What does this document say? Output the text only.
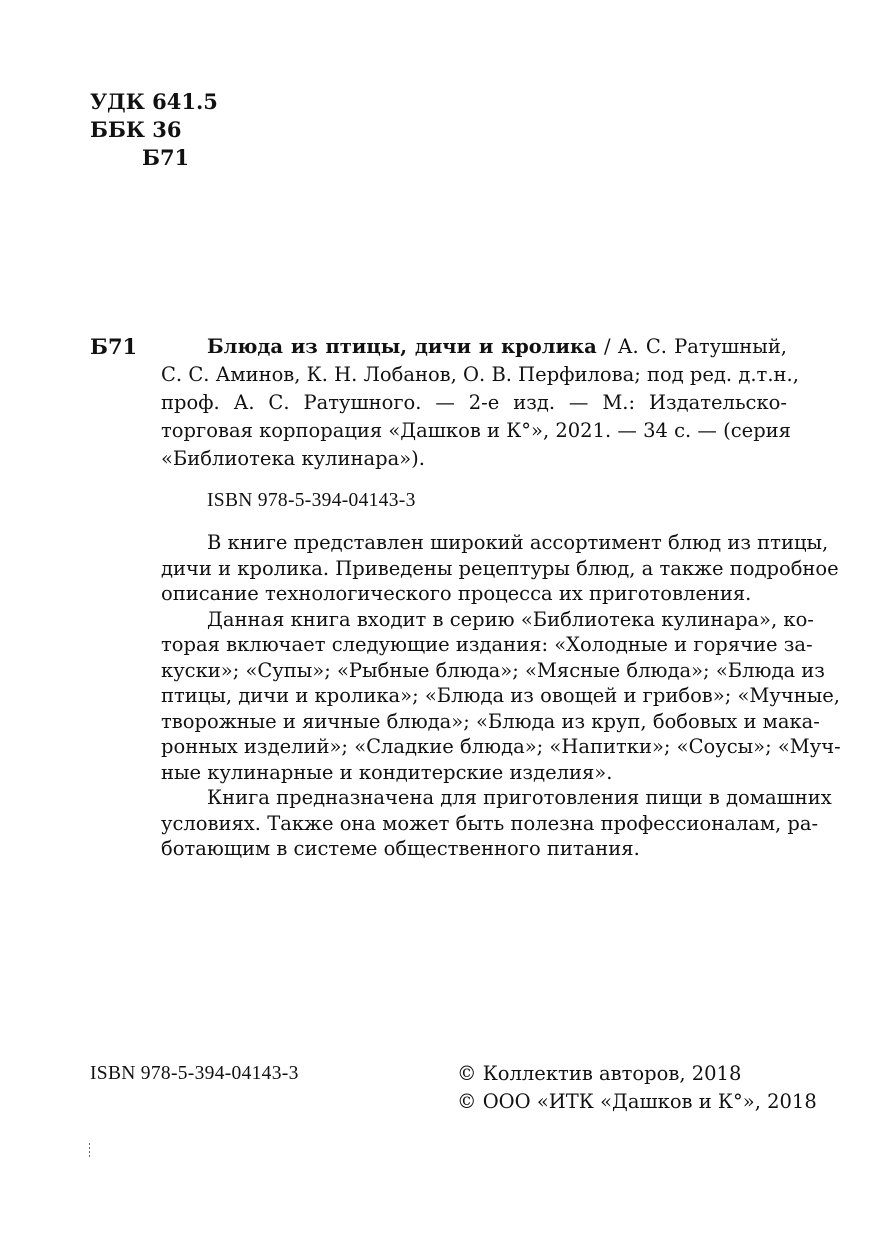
УДК 641.5
ББК 36
Б71
Б71	Блюда из птицы, дичи и кролика / А. С. Ратушный,
С. С. Аминов, К. Н. Лобанов, О. В. Перфилова; под ред. д.т.н.,
проф. А. С. Ратушного. — 2-е изд. — М.: Издательско-
торговая корпорация «Дашков и К°», 2021. — 34 с. — (серия
«Библиотека кулинара»).
ISBN 978-5-394-04143-3
В книге представлен широкий ассортимент блюд из птицы,
дичи и кролика. Приведены рецептуры блюд, а также подробное
описание технологического процесса их приготовления.
Данная книга входит в серию «Библиотека кулинара», ко-
торая включает следующие издания: «Холодные и горячие за-
куски»; «Супы»; «Рыбные блюда»; «Мясные блюда»; «Блюда из
птицы, дичи и кролика»; «Блюда из овощей и грибов»; «Мучные,
творожные и яичные блюда»; «Блюда из круп, бобовых и мака-
ронных изделий»; «Сладкие блюда»; «Напитки»; «Соусы»; «Муч-
ные кулинарные и кондитерские изделия».
Книга предназначена для приготовления пищи в домашних
условиях. Также она может быть полезна профессионалам, ра-
ботающим в системе общественного питания.
ISBN 978-5-394-04143-3	© Коллектив авторов, 2018
© ООО «ИТК «Дашков и К°», 2018
